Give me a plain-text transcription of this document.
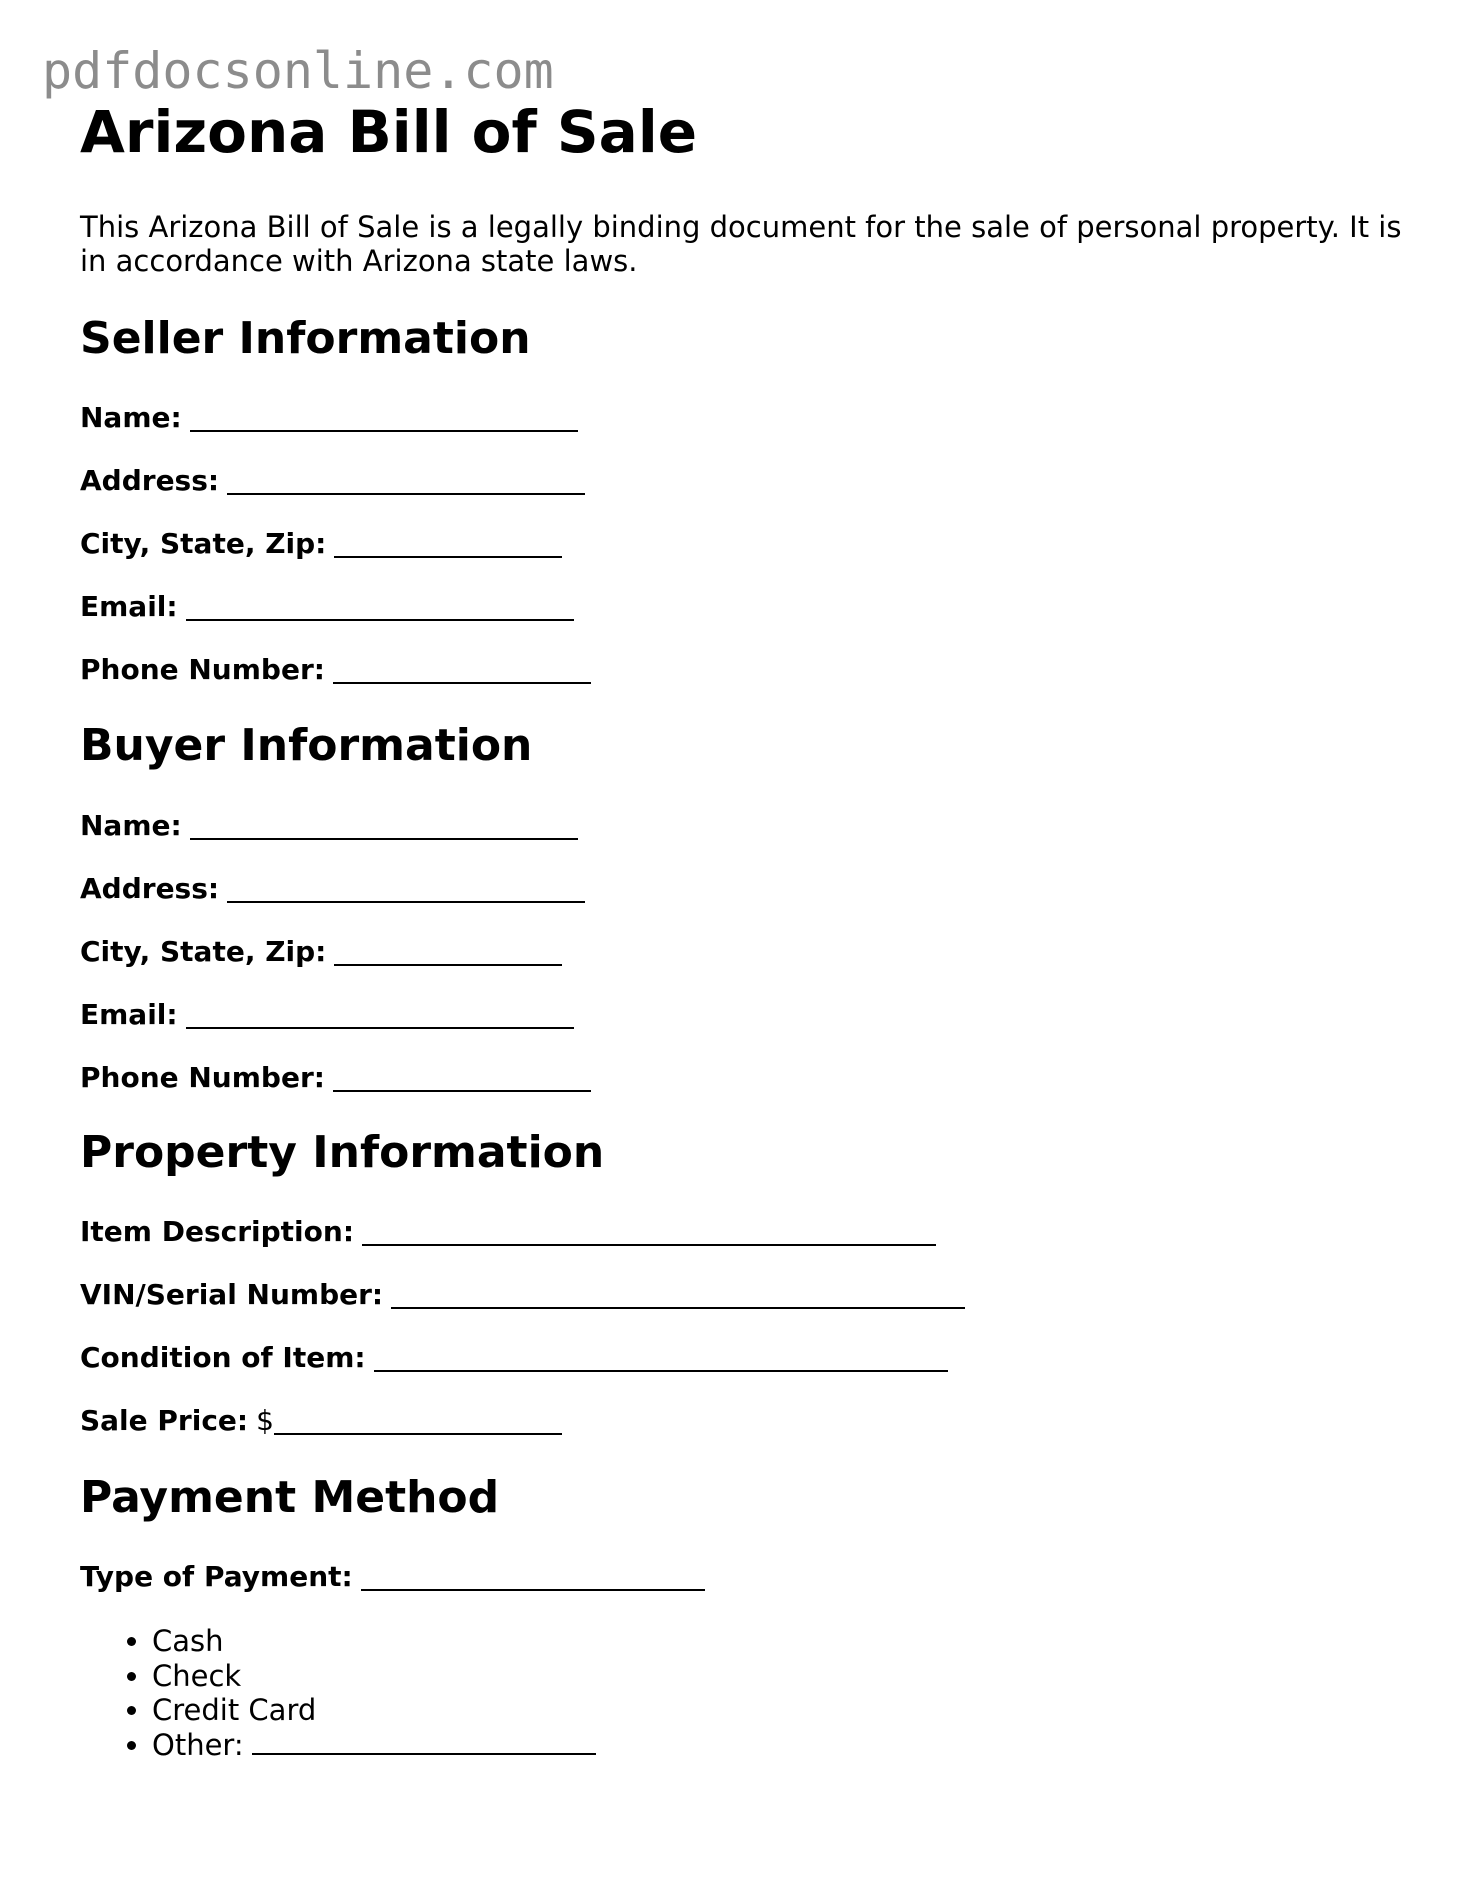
pdfdocsonline.com
Arizona Bill of Sale

This Arizona Bill of Sale is a legally binding document for the sale of personal property. It is in accordance with Arizona state laws.

Seller Information
Name:
Address:
City, State, Zip:
Email:
Phone Number:
Buyer Information
Name:
Address:
City, State, Zip:
Email:
Phone Number:
Property Information
Item Description:
VIN/Serial Number:
Condition of Item:
Sale Price: $
Payment Method
Type of Payment:
• Cash
• Check
• Credit Card
• Other:
